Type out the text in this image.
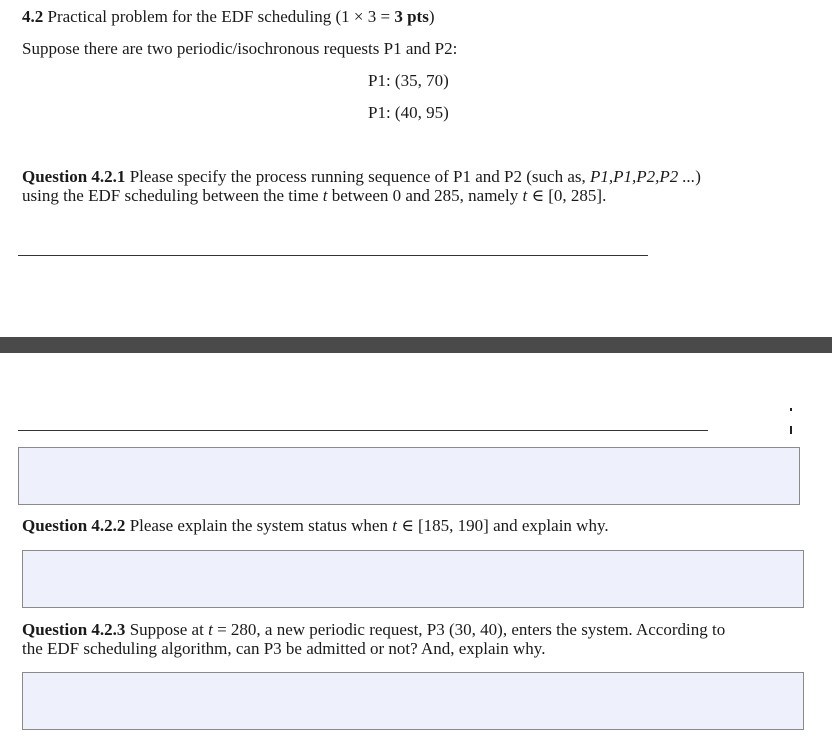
4.2 Practical problem for the EDF scheduling (1 × 3 = 3 pts)
Suppose there are two periodic/isochronous requests P1 and P2:
P1: (35, 70)
P1: (40, 95)
Question 4.2.1 Please specify the process running sequence of P1 and P2 (such as, P1,P1,P2,P2 ...)
using the EDF scheduling between the time t between 0 and 285, namely t ∈ [0, 285].
Question 4.2.2 Please explain the system status when t ∈ [185, 190] and explain why.
Question 4.2.3 Suppose at t = 280, a new periodic request, P3 (30, 40), enters the system. According to
the EDF scheduling algorithm, can P3 be admitted or not? And, explain why.
